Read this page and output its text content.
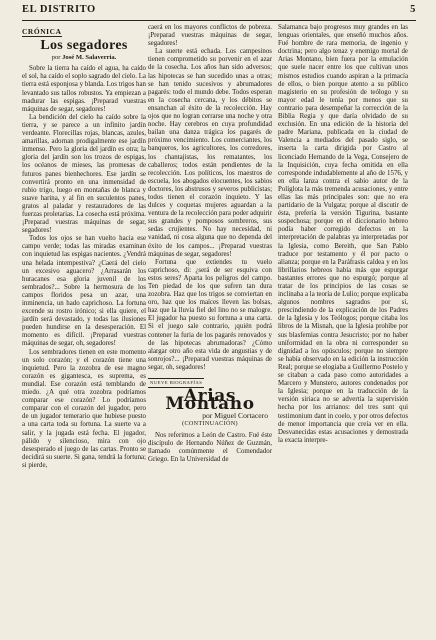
EL DISTRITO	5
CRÓNICA
Los segadores
por José M. Salaverria.

Sobre la tierra ha caído el agua, ha caído el sol, ha caído el soplo sagrado del cielo. La tierra está esponjosa y blanda. Los trigos han levantado sus tallos robustos. Ya empiezan a madurar las espigas. ¡Preparad vuestras máquinas de segar, segadores!

La bendición del cielo ha caído sobre la tierra, y se parece a un infinito jardín verdeante. Florecillas rojas, blancas, azules, amarillas, adornan prodigalmente ese jardín inmenso. Pero la gloria del jardín es otra; la gloria del jardín son los trozos de espigas, los océanos de mieses, las promesas de futuros panes bienhechores. Ese jardín se convertirá pronto en una inmensidad de rubio trigo, luego en montañas de blanca y suave harina, y al fin en suculentos panes, gratos al paladar y restauradores de las fuerzas proletarias. La cosecha está próxima. ¡Preparad vuestras máquinas de segar, segadores!

Todos los ojos se han vuelto hacia ese campo verde; todas las miradas examinan con inquietud las espigas nacientes. ¿Vendrá una helada intempestiva? ¿Caerá del cielo un excesivo aguacero? ¿Arrasarán los huracanes esa gloria juvenil de los sembrados?... Sobre la hermosura de los campos floridos pesa un azar, una inminencia, un hado caprichoso. La fortuna excende su rostro irónico; si ella quiere, el jardín será devastado, y todas las ilusiones pueden hundirse en la desesperación. El momento es difícil. ¡Preparad vuestras máquinas de segar, oh, segadores!

Los sembradores tienen en este momento un solo corazón; y el corazón tiene una inquietud. Pero la zozobra de ese magno corazón es gigantesca, es suprema, es mundial. Ese corazón está temblando de miedo. ¿A qué otra zozobra podríamos comparar ese corazón? Lo podríamos comparar con el corazón del jugador, pero de un jugador temerario que hubiese puesto a una carta toda su fortuna. La suerte va a salir, y la jugada está fecha. El jugador, pálido y silencioso, mira con ojo desesperado el juego de las cartas. Pronto se decidirá su suerte. Si gana, tendrá la fortuna; si pierde,

caerá en los mayores conflictos de pobreza. ¡Preparad vuestras máquinas de segar, segadores!

La suerte está echada. Los campesinos tienen comprometido su porvenir en el azar de la cosecha. Los años han sido adversos; las hipotecas se han sucedido unas a otras; se han tenido sucesivos y abrumadores pagarés: todo el mundo debe. Todos esperan en la cosecha cercana, y los débitos se ensanchan al éxito de la recolección. Hay ojos que no logran cerrarse una noche y otra noche. Hay cerebros en cuya profundidad bailan una danza trágica los pagarés de próximo vencimiento. Los comerciantes, los banqueros, los agricultores, los corredores, los chantajistas, los rematantes, los caballeros; todos están pendientes de la recolección. Los políticos, los maestros de escuela, los abogados elocuentes, los sabios doctores, los abstrusos y severos publicistas; todos tienen el corazón inquieto. Y las dulces y coquetas mujeres aguardan a la ventura de la recolección para poder adquirir sus grandes y pomposos sombreros, sus sedas crujientes. No hay necesidad, ni vanidad, ni cosa alguna que no dependa del éxito de los campos... ¡Preparad vuestras máquinas de segar, segadores!

Fortuna que extiendes tu vuelo caprichoso, di: ¿será de ser esquiva con estos seres? Aparta los peligros del campo. Ten piedad de los que sufren tan dura zozobra. Haz que los trigos se conviertan en oro, haz que los maíces lleven las bolsas, haz que la lluvia fiel del lino no se malogre. El jugador ha puesto su fortuna a una carta. Si el juego sale contrario, ¡quién podrá contener la furia de los pagarés renovados y de las hipotecas abrumadoras? ¿Cómo alargar otro año esta vida de angustias y de sonrojos?... ¡Preparad vuestras máquinas de segar, oh, segadores!

NUEVE BIOGRAFÍAS
Arias Montano
por Miguel Cortacero
(CONTINUACIÓN)

Nos referimos a León de Castro. Fué éste discípulo de Hernando Núñez de Guzmán, llamado comúnmente el Comendador Griego. En la Universidad de

Salamanca bajo progresos muy grandes en las lenguas orientales, que enseñó muchos años. Fué hombre de rara memoria, de ingenio y doctrina; pero algo tenaz y enemigo mortal de Arias Montano, bien fuera por la emulación que suele nacer entre los que cultivan unos mismos estudios cuando aspiran a la primacía de ellos, o bien porque atento a su público magisterio en su profesión de teólogo y su mayor edad le tenía por menos que su contrario para desempeñar la corrección de la Biblia Regia y que daría olvidado de su exclusión. En una edición de la historia del padre Mariana, publicada en la ciudad de Valencia a mediados del pasado siglo, se inserta la carta dirigida por Castro al licenciado Hernando de la Vega, Consejero de la Inquisición, cuya fecha omitida en ella corresponde indudablemente al año de 1576, y en ella lanza contra el sabio autor de la Políglota la más tremenda acusaciones, y entre ellas las más principales son: que no era partidario de la Vulgata; porque al discutir de ésta, prefería la versión Tigurina, bastante sospechosa; porque en el diccionario hebreo podía haber corregido defectos en la interpretación de palabras ya interpretadas por la Iglesia, como Bereith, que San Pablo traduce por testamento y él por pacto o alianza; porque en la Paráfrasis caldea y en los librillarios hebreos había más que espurgar bastantes errores que no espurgó; porque al tratar de los principios de las cosas se inclinaba a la teoría de Lulio; porque explicaba algunos nombres sagrados por sí, prescindiendo de la explicación de los Padres de la Iglesia y los Teólogos; porque citaba los libros de la Misnah, que la Iglesia prohíbe por sus blasfemias contra Jesucristo; por no haber uniformidad en la obra ni corresponder su dignidad a los opúsculos; porque no siempre se había observado en la edición la instrucción Real; porque se elogiaba a Guillermo Postelo y se citaban a cada paso como autoridades a Marcero y Munstero, autores condenados por la Iglesia; porque en la traducción de la versión siriaca no se advertía la supervisión hecha por los arrianos: del tres sunt qui testimonium dant in coelo, y por otros defectos de menor importancia que creía ver en ella. Desvanecidas estas acusaciones y demostrada la exacta interpre-
